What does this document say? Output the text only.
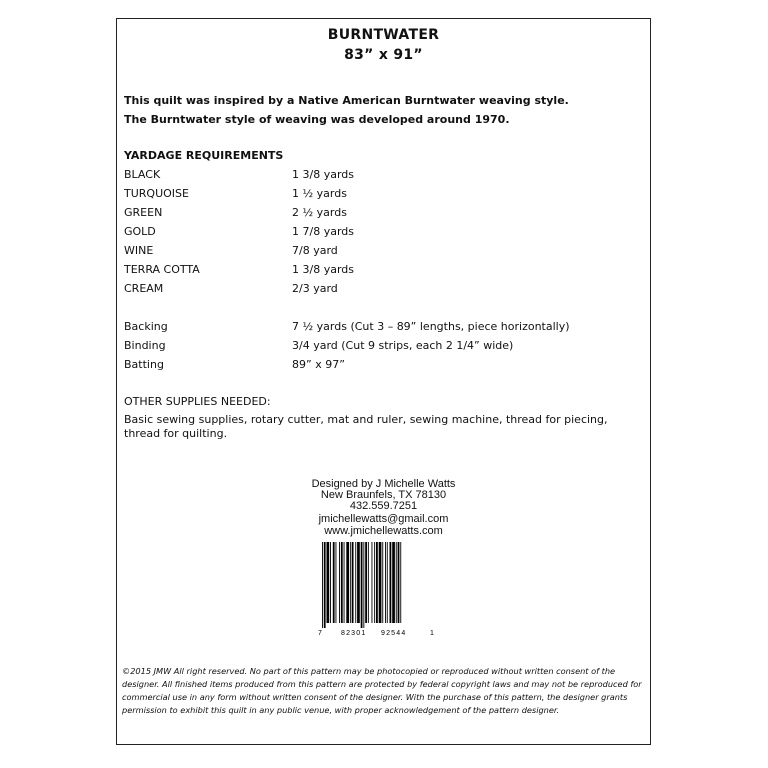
BURNTWATER
83” x 91”
This quilt was inspired by a Native American Burntwater weaving style.
The Burntwater style of weaving was developed around 1970.
YARDAGE REQUIREMENTS
BLACK	1 3/8 yards
TURQUOISE	1 ½ yards
GREEN	2 ½ yards
GOLD	1 7/8 yards
WINE	7/8 yard
TERRA COTTA	1 3/8 yards
CREAM	2/3 yard
Backing	7 ½ yards (Cut 3 – 89” lengths, piece horizontally)
Binding	3/4 yard (Cut 9 strips, each 2 1/4” wide)
Batting	89” x 97”
OTHER SUPPLIES NEEDED:
Basic sewing supplies, rotary cutter, mat and ruler, sewing machine, thread for piecing, thread for quilting.
Designed by J Michelle Watts
New Braunfels, TX 78130
432.559.7251
jmichellewatts@gmail.com
www.jmichellewatts.com
7	82301 92544	1
©2015 JMW All right reserved. No part of this pattern may be photocopied or reproduced without written consent of the designer. All finished items produced from this pattern are protected by federal copyright laws and may not be reproduced for commercial use in any form without written consent of the designer. With the purchase of this pattern, the designer grants permission to exhibit this quilt in any public venue, with proper acknowledgement of the pattern designer.
